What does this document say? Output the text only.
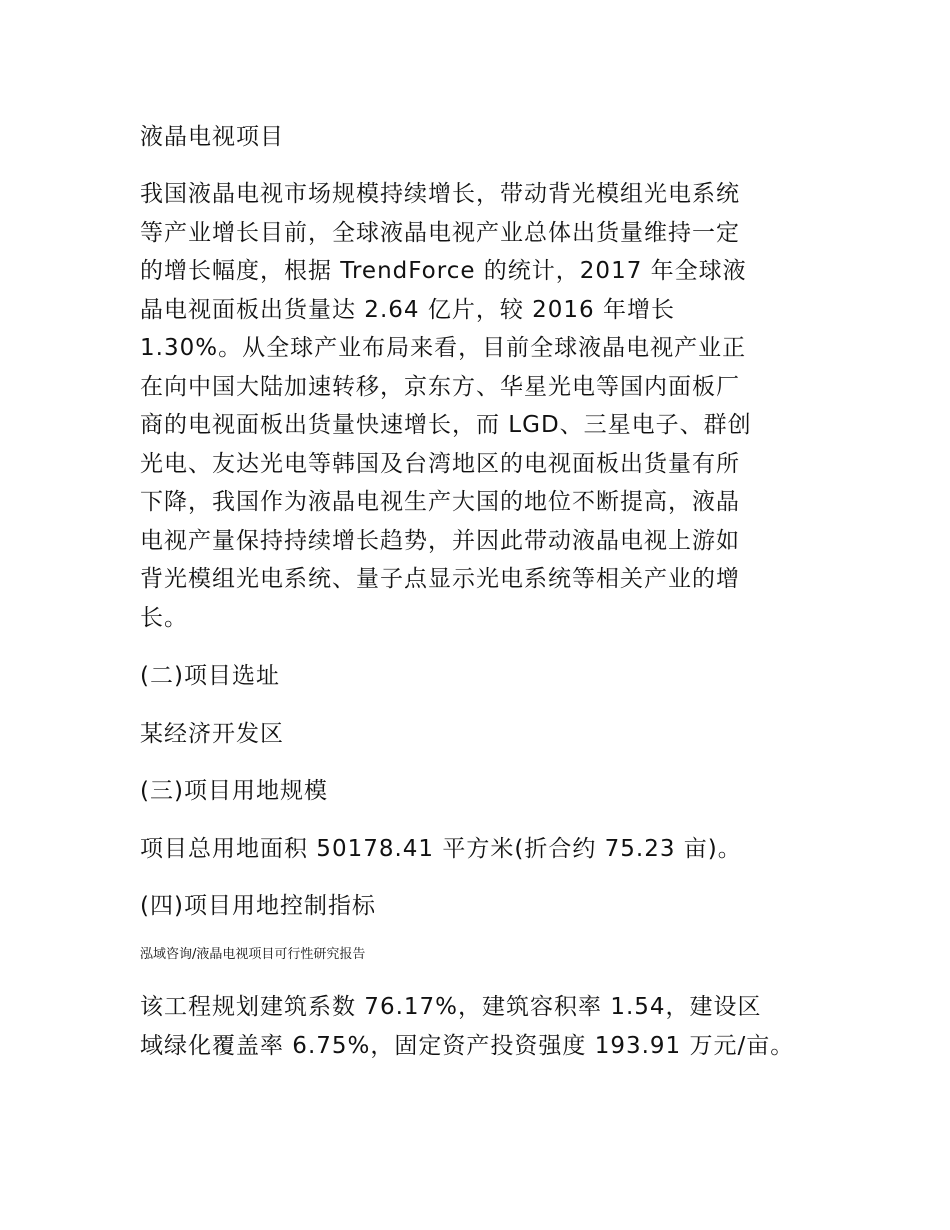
液晶电视项目

我国液晶电视市场规模持续增长，带动背光模组光电系统

等产业增长目前，全球液晶电视产业总体出货量维持一定

的增长幅度，根据 TrendForce 的统计，2017 年全球液

晶电视面板出货量达 2.64 亿片，较 2016 年增长

1.30%。从全球产业布局来看，目前全球液晶电视产业正

在向中国大陆加速转移，京东方、华星光电等国内面板厂

商的电视面板出货量快速增长，而 LGD、三星电子、群创

光电、友达光电等韩国及台湾地区的电视面板出货量有所

下降，我国作为液晶电视生产大国的地位不断提高，液晶

电视产量保持持续增长趋势，并因此带动液晶电视上游如

背光模组光电系统、量子点显示光电系统等相关产业的增

长。

(二)项目选址

某经济开发区

(三)项目用地规模

项目总用地面积 50178.41 平方米(折合约 75.23 亩)。

(四)项目用地控制指标

泓域咨询/液晶电视项目可行性研究报告

该工程规划建筑系数 76.17%，建筑容积率 1.54，建设区

域绿化覆盖率 6.75%，固定资产投资强度 193.91 万元/亩。
